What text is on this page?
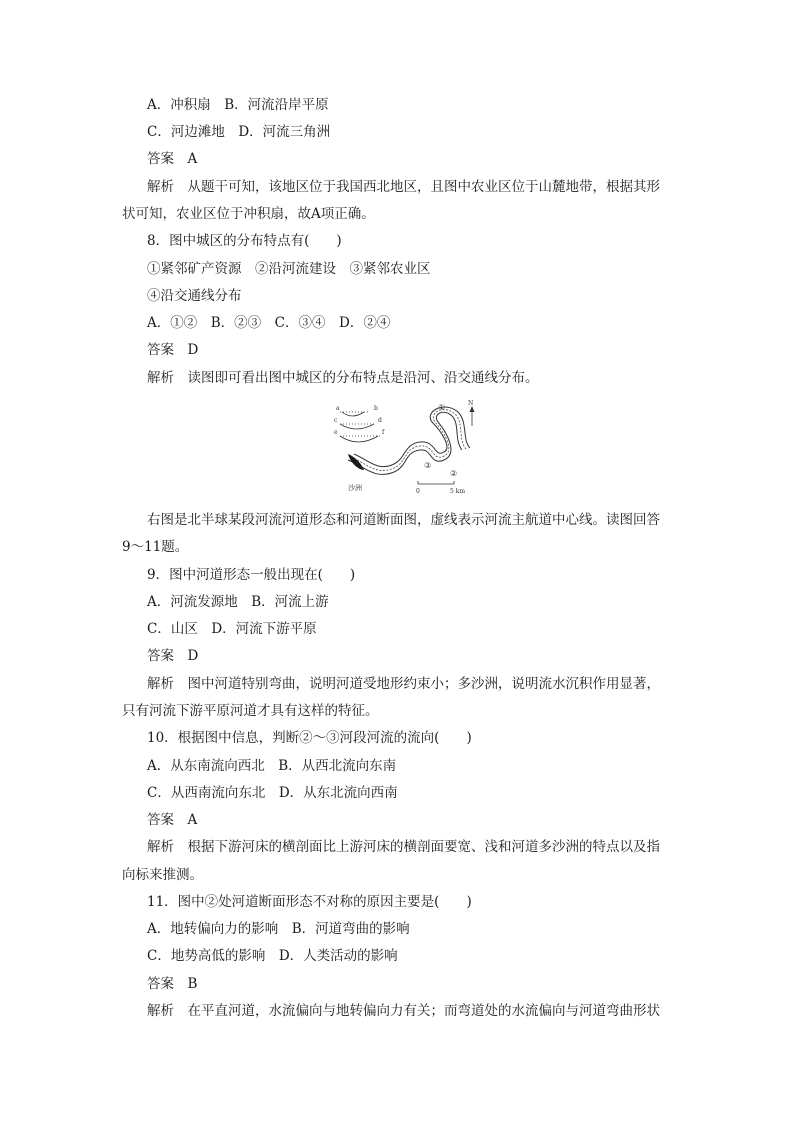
A．冲积扇　B．河流沿岸平原
C．河边滩地　D．河流三角洲
答案　A
解析　从题干可知，该地区位于我国西北地区，且图中农业区位于山麓地带，根据其形
状可知，农业区位于冲积扇，故A项正确。
8．图中城区的分布特点有(　　)
①紧邻矿产资源　②沿河流建设　③紧邻农业区
④沿交通线分布
A．①②　B．②③　C．③④　D．②④
答案　D
解析　读图即可看出图中城区的分布特点是沿河、沿交通线分布。
a	b
c	d
e	f
沙洲
①
②
③
N
0	5 km
右图是北半球某段河流河道形态和河道断面图，虚线表示河流主航道中心线。读图回答
9～11题。
9．图中河道形态一般出现在(　　)
A．河流发源地　B．河流上游
C．山区　D．河流下游平原
答案　D
解析　图中河道特别弯曲，说明河道受地形约束小；多沙洲，说明流水沉积作用显著，
只有河流下游平原河道才具有这样的特征。
10．根据图中信息，判断②～③河段河流的流向(　　)
A．从东南流向西北　B．从西北流向东南
C．从西南流向东北　D．从东北流向西南
答案　A
解析　根据下游河床的横剖面比上游河床的横剖面要宽、浅和河道多沙洲的特点以及指
向标来推测。
11．图中②处河道断面形态不对称的原因主要是(　　)
A．地转偏向力的影响　B．河道弯曲的影响
C．地势高低的影响　D．人类活动的影响
答案　B
解析　在平直河道，水流偏向与地转偏向力有关；而弯道处的水流偏向与河道弯曲形状
